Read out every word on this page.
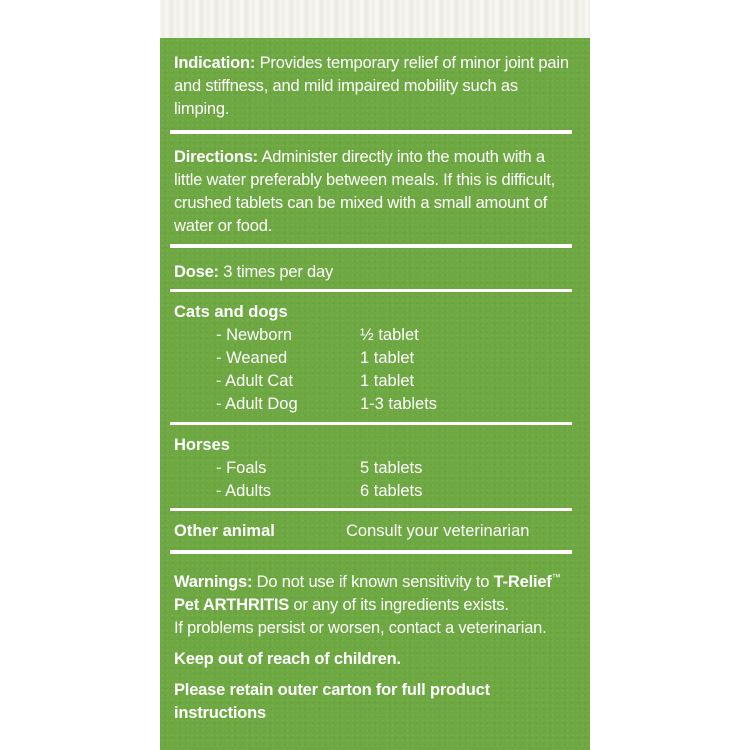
Indication: Provides temporary relief of minor joint pain and stiffness, and mild impaired mobility such as limping.
Directions: Administer directly into the mouth with a little water preferably between meals. If this is difficult, crushed tablets can be mixed with a small amount of water or food.
Dose: 3 times per day
Cats and dogs
- Newborn	½ tablet
- Weaned	1 tablet
- Adult Cat	1 tablet
- Adult Dog	1-3 tablets
Horses
- Foals	5 tablets
- Adults	6 tablets
Other animal	Consult your veterinarian
Warnings: Do not use if known sensitivity to T-Relief™
Pet ARTHRITIS or any of its ingredients exists.
If problems persist or worsen, contact a veterinarian.
Keep out of reach of children.
Please retain outer carton for full product instructions
